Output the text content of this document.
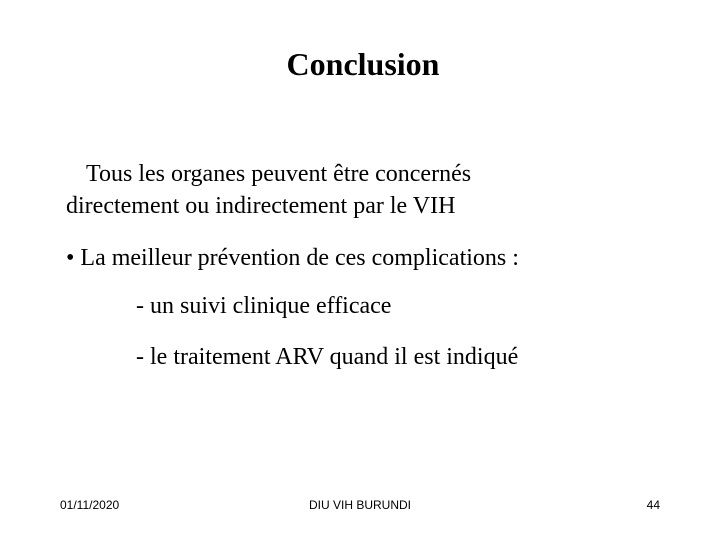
Conclusion
Tous les organes peuvent être concernés
directement ou indirectement par le VIH
• La meilleur prévention de ces complications :
- un suivi clinique efficace
- le traitement ARV quand il est indiqué
01/11/2020	DIU VIH BURUNDI	44
